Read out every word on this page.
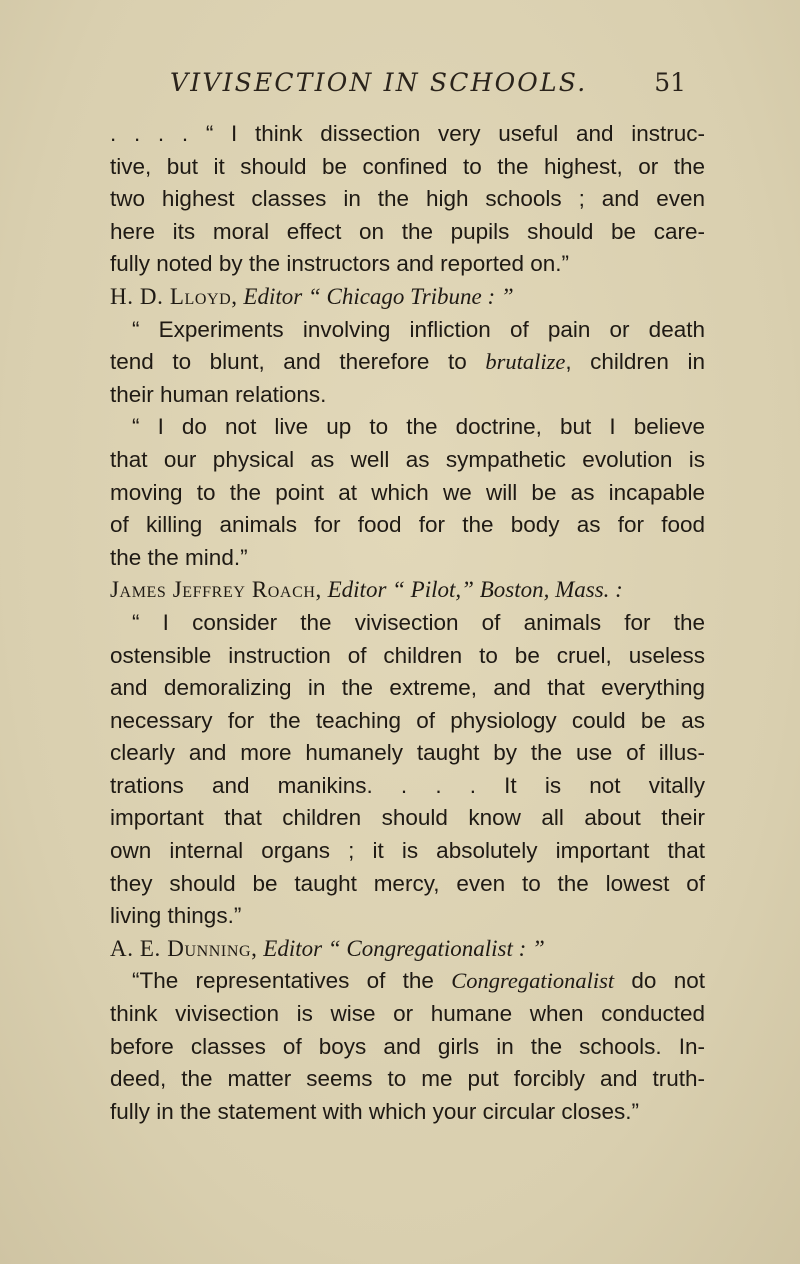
VIVISECTION IN SCHOOLS.	51
. . . . “ I think dissection very useful and instruc-
tive, but it should be confined to the highest, or the
two highest classes in the high schools ; and even
here its moral effect on the pupils should be care-
fully noted by the instructors and reported on.”
H. D. Lloyd, Editor “ Chicago Tribune : ”
“ Experiments involving infliction of pain or death
tend to blunt, and therefore to brutalize, children in
their human relations.
“ I do not live up to the doctrine, but I believe
that our physical as well as sympathetic evolution is
moving to the point at which we will be as incapable
of killing animals for food for the body as for food
the the mind.”
James Jeffrey Roach, Editor “ Pilot,” Boston, Mass. :
“ I consider the vivisection of animals for the
ostensible instruction of children to be cruel, useless
and demoralizing in the extreme, and that everything
necessary for the teaching of physiology could be as
clearly and more humanely taught by the use of illus-
trations and manikins. . . . It is not vitally
important that children should know all about their
own internal organs ; it is absolutely important that
they should be taught mercy, even to the lowest of
living things.”
A. E. Dunning, Editor “ Congregationalist : ”
“The representatives of the Congregationalist do not
think vivisection is wise or humane when conducted
before classes of boys and girls in the schools. In-
deed, the matter seems to me put forcibly and truth-
fully in the statement with which your circular closes.”
